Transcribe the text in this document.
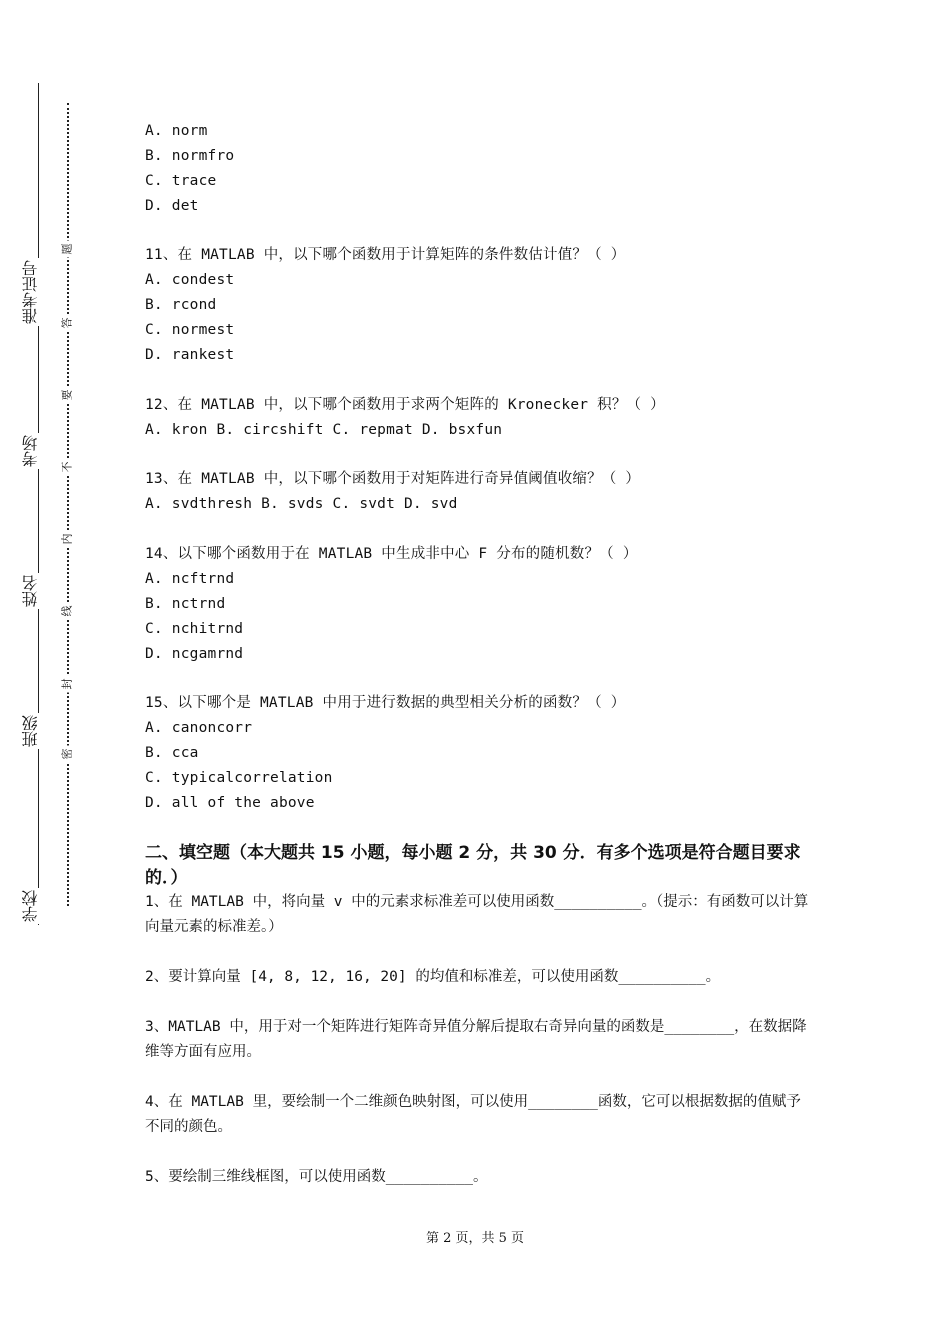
准考证号
考场
姓名
班级
学校
题
答
要
不
内
线
封
密
A. norm
B. normfro
C. trace
D. det
11、在 MATLAB 中，以下哪个函数用于计算矩阵的条件数估计值？（ ）
A. condest
B. rcond
C. normest
D. rankest
12、在 MATLAB 中，以下哪个函数用于求两个矩阵的 Kronecker 积？（ ）
A. kron B. circshift C. repmat D. bsxfun
13、在 MATLAB 中，以下哪个函数用于对矩阵进行奇异值阈值收缩？（ ）
A. svdthresh B. svds C. svdt D. svd
14、以下哪个函数用于在 MATLAB 中生成非中心 F 分布的随机数？（ ）
A. ncftrnd
B. nctrnd
C. nchitrnd
D. ncgamrnd
15、以下哪个是 MATLAB 中用于进行数据的典型相关分析的函数？（ ）
A. canoncorr
B. cca
C. typicalcorrelation
D. all of the above
二、填空题（本大题共 15 小题，每小题 2 分，共 30 分．有多个选项是符合题目要求的．）
1、在 MATLAB 中，将向量 v 中的元素求标准差可以使用函数__________。（提示：有函数可以计算向量元素的标准差。）
2、要计算向量 [4, 8, 12, 16, 20] 的均值和标准差，可以使用函数__________。
3、MATLAB 中，用于对一个矩阵进行矩阵奇异值分解后提取右奇异向量的函数是________，在数据降维等方面有应用。
4、在 MATLAB 里，要绘制一个二维颜色映射图，可以使用________函数，它可以根据数据的值赋予不同的颜色。
5、要绘制三维线框图，可以使用函数__________。
第 2 页，共 5 页
